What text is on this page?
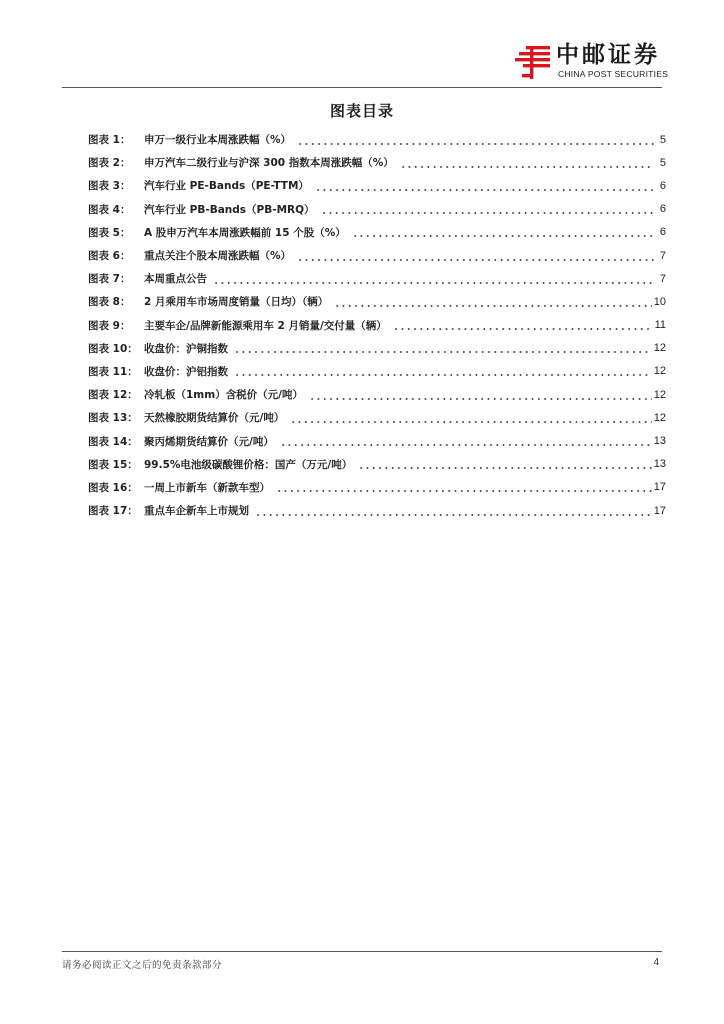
中邮证券
CHINA POST SECURITIES
图表目录
图表 1：	申万一级行业本周涨跌幅（%）	5
图表 2：	申万汽车二级行业与沪深 300 指数本周涨跌幅（%）	5
图表 3：	汽车行业 PE-Bands（PE-TTM）	6
图表 4：	汽车行业 PB-Bands（PB-MRQ）	6
图表 5：	A 股申万汽车本周涨跌幅前 15 个股（%）	6
图表 6：	重点关注个股本周涨跌幅（%）	7
图表 7：	本周重点公告	7
图表 8：	2 月乘用车市场周度销量（日均）（辆）	10
图表 9：	主要车企/品牌新能源乘用车 2 月销量/交付量（辆）	11
图表 10： 收盘价：沪铜指数	12
图表 11： 收盘价：沪铝指数	12
图表 12： 冷轧板（1mm）含税价（元/吨）	12
图表 13： 天然橡胶期货结算价（元/吨）	12
图表 14： 聚丙烯期货结算价（元/吨）	13
图表 15： 99.5%电池级碳酸锂价格：国产（万元/吨）	13
图表 16： 一周上市新车（新款车型）	17
图表 17： 重点车企新车上市规划	17
请务必阅读正文之后的免责条款部分	4
